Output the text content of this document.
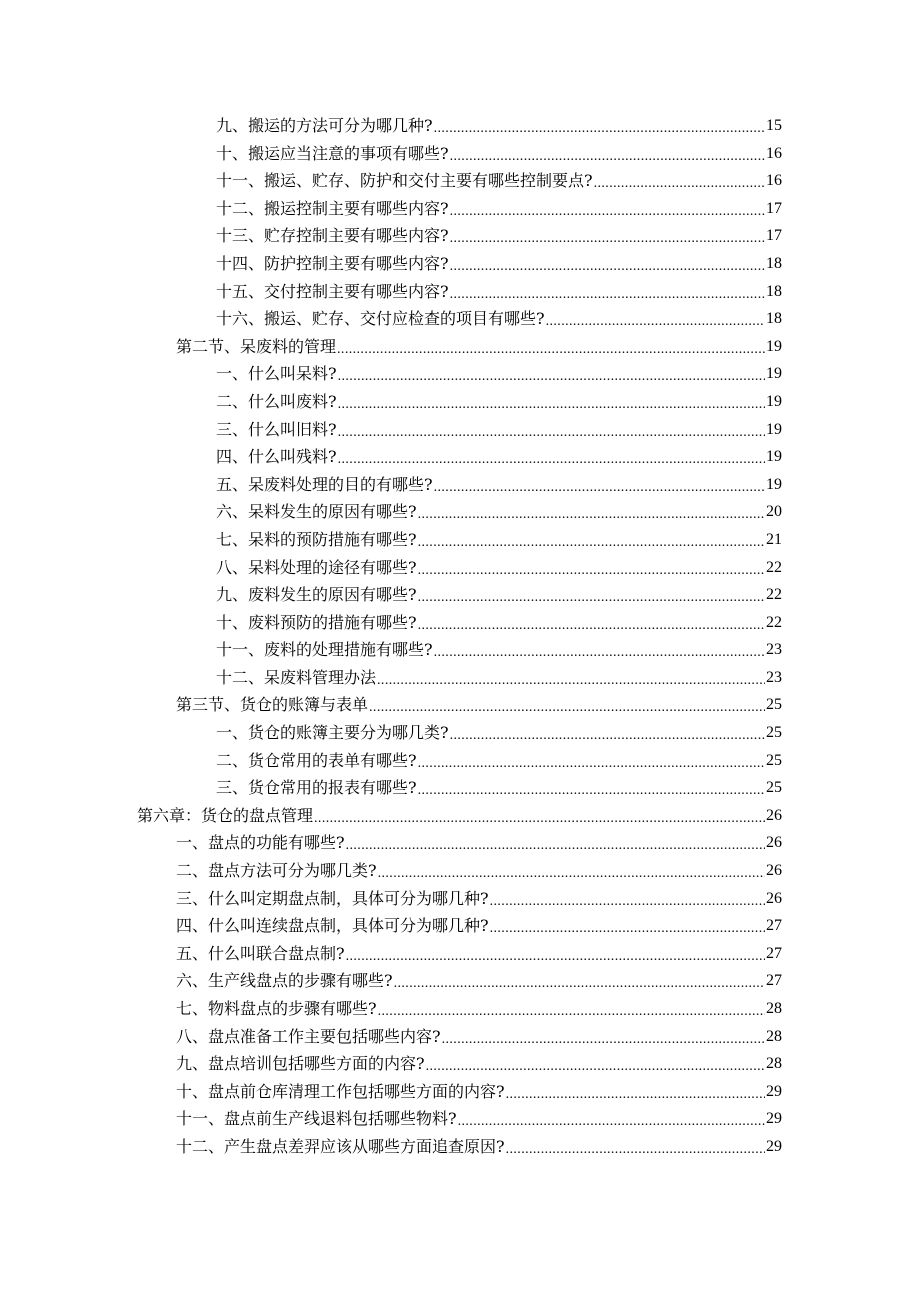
九、搬运的方法可分为哪几种? .....	15
十、搬运应当注意的事项有哪些? .....	16
十一、搬运、贮存、防护和交付主要有哪些控制要点? .....	16
十二、搬运控制主要有哪些内容? .....	17
十三、贮存控制主要有哪些内容? .....	17
十四、防护控制主要有哪些内容? .....	18
十五、交付控制主要有哪些内容? .....	18
十六、搬运、贮存、交付应检查的项目有哪些? .....	18
第二节、呆废料的管理 .....	19
一、什么叫呆料? .....	19
二、什么叫废料? .....	19
三、什么叫旧料? .....	19
四、什么叫残料? .....	19
五、呆废料处理的目的有哪些? .....	19
六、呆料发生的原因有哪些? .....	20
七、呆料的预防措施有哪些? .....	21
八、呆料处理的途径有哪些? .....	22
九、废料发生的原因有哪些? .....	22
十、废料预防的措施有哪些? .....	22
十一、废料的处理措施有哪些? .....	23
十二、呆废料管理办法 .....	23
第三节、货仓的账簿与表单 .....	25
一、货仓的账簿主要分为哪几类? .....	25
二、货仓常用的表单有哪些? .....	25
三、货仓常用的报表有哪些? .....	25
第六章：货仓的盘点管理 .....	26
一、盘点的功能有哪些? .....	26
二、盘点方法可分为哪几类? .....	26
三、什么叫定期盘点制，具体可分为哪几种? .....	26
四、什么叫连续盘点制，具体可分为哪几种? .....	27
五、什么叫联合盘点制? .....	27
六、生产线盘点的步骤有哪些? .....	27
七、物料盘点的步骤有哪些? .....	28
八、盘点准备工作主要包括哪些内容? .....	28
九、盘点培训包括哪些方面的内容? .....	28
十、盘点前仓库清理工作包括哪些方面的内容? .....	29
十一、盘点前生产线退料包括哪些物料? .....	29
十二、产生盘点差羿应该从哪些方面追查原因? .....	29
